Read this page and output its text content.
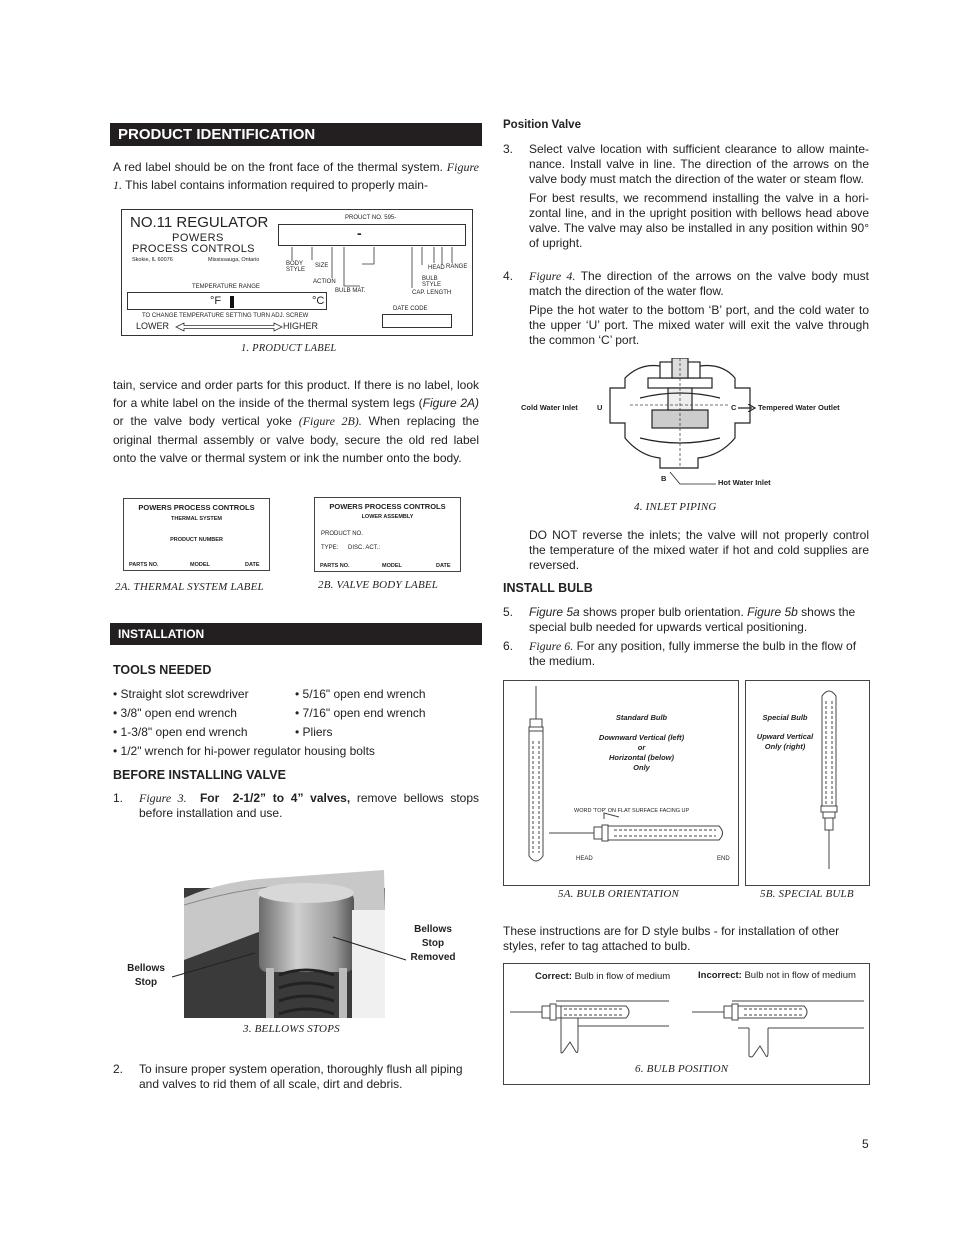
PRODUCT IDENTIFICATION
A red label should be on the front face of the thermal system. Figure 1. This label contains information required to properly main-
NO.11 REGULATOR
POWERS
PROCESS CONTROLS
Skokie, IL 60076	Mississauga, Ontario
PROUCT NO. 595-
-
BODY STYLE
SIZE
ACTION
BULB MAT.
HEAD RANGE
BULB STYLE
CAP. LENGTH
TEMPERATURE RANGE
°F	°C
TO CHANGE TEMPERATURE SETTING TURN ADJ. SCREW
LOWER	HIGHER
DATE CODE
1. PRODUCT LABEL
tain, service and order parts for this product. If there is no label, look for a white label on the inside of the thermal system legs (Figure 2A) or the valve body vertical yoke (Figure 2B). When replacing the original thermal assembly or valve body, secure the old red label onto the valve or thermal system or ink the number onto the body.
POWERS PROCESS CONTROLS
THERMAL SYSTEM
PRODUCT NUMBER
PARTS NO.	MODEL	DATE
2A. THERMAL SYSTEM LABEL
POWERS PROCESS CONTROLS
LOWER ASSEMBLY
PRODUCT NO.
TYPE: DISC. ACT.:
PARTS NO.	MODEL	DATE
2B. VALVE BODY LABEL
INSTALLATION
TOOLS NEEDED
• Straight slot screwdriver	• 5/16" open end wrench
• 3/8" open end wrench	• 7/16" open end wrench
• 1-3/8" open end wrench	• Pliers
• 1/2" wrench for hi-power regulator housing bolts
BEFORE INSTALLING VALVE
1. Figure 3. For 2-1/2” to 4” valves, remove bellows stops before installation and use.
Bellows Stop
Bellows Stop Removed
3. BELLOWS STOPS
2. To insure proper system operation, thoroughly flush all piping and valves to rid them of all scale, dirt and debris.
Position Valve
3. Select valve location with sufficient clearance to allow mainte-nance. Install valve in line. The direction of the arrows on the valve body must match the direction of the water or steam flow.
For best results, we recommend installing the valve in a hori-zontal line, and in the upright position with bellows head above valve. The valve may also be installed in any position within 90° of upright.
4. Figure 4. The direction of the arrows on the valve body must match the direction of the water flow.
Pipe the hot water to the bottom ‘B’ port, and the cold water to the upper ‘U’ port. The mixed water will exit the valve through the common ‘C’ port.
Cold Water Inlet	U	C	Tempered Water Outlet
B	Hot Water Inlet
4. INLET PIPING
DO NOT reverse the inlets; the valve will not properly control the temperature of the mixed water if hot and cold supplies are reversed.
INSTALL BULB
5. Figure 5a shows proper bulb orientation. Figure 5b shows the special bulb needed for upwards vertical positioning.
6. Figure 6. For any position, fully immerse the bulb in the flow of the medium.
Standard Bulb
Downward Vertical (left)
or
Horizontal (below)
Only
WORD 'TOP' ON FLAT SURFACE FACING UP
HEAD	END
5A. BULB ORIENTATION
Special Bulb
Upward Vertical
Only (right)
5B. SPECIAL BULB
These instructions are for D style bulbs - for installation of other styles, refer to tag attached to bulb.
Correct: Bulb in flow of medium	Incorrect: Bulb not in flow of medium
6. BULB POSITION
5
